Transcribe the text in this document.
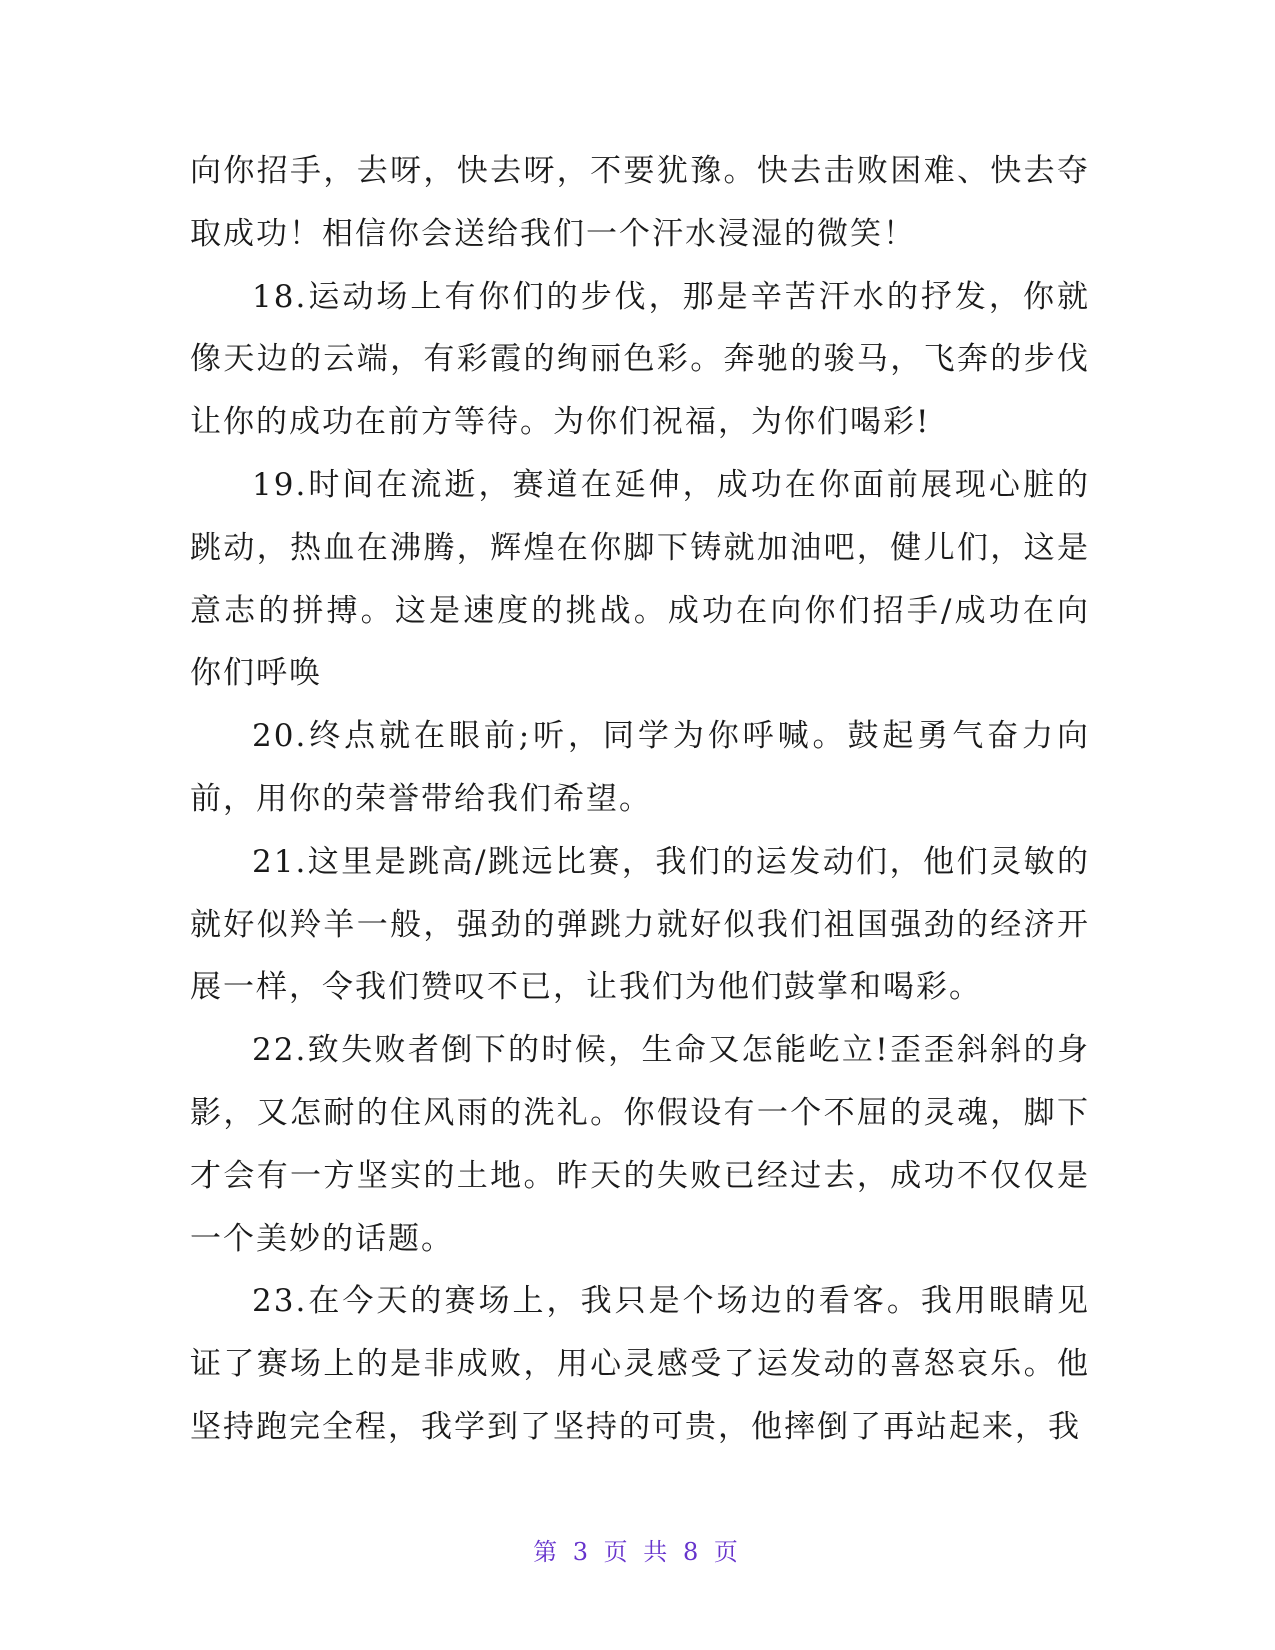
向你招手，去呀，快去呀，不要犹豫。快去击败困难、快去夺取成功！相信你会送给我们一个汗水浸湿的微笑！

18.运动场上有你们的步伐，那是辛苦汗水的抒发，你就像天边的云端，有彩霞的绚丽色彩。奔驰的骏马，飞奔的步伐让你的成功在前方等待。为你们祝福，为你们喝彩!

19.时间在流逝，赛道在延伸，成功在你面前展现心脏的跳动，热血在沸腾，辉煌在你脚下铸就加油吧，健儿们，这是意志的拼搏。这是速度的挑战。成功在向你们招手/成功在向你们呼唤

20.终点就在眼前;听，同学为你呼喊。鼓起勇气奋力向前，用你的荣誉带给我们希望。

21.这里是跳高/跳远比赛，我们的运发动们，他们灵敏的就好似羚羊一般，强劲的弹跳力就好似我们祖国强劲的经济开展一样，令我们赞叹不已，让我们为他们鼓掌和喝彩。

22.致失败者倒下的时候，生命又怎能屹立!歪歪斜斜的身影，又怎耐的住风雨的洗礼。你假设有一个不屈的灵魂，脚下才会有一方坚实的土地。昨天的失败已经过去，成功不仅仅是一个美妙的话题。

23.在今天的赛场上，我只是个场边的看客。我用眼睛见证了赛场上的是非成败，用心灵感受了运发动的喜怒哀乐。他坚持跑完全程，我学到了坚持的可贵，他摔倒了再站起来，我

第 3 页 共 8 页
